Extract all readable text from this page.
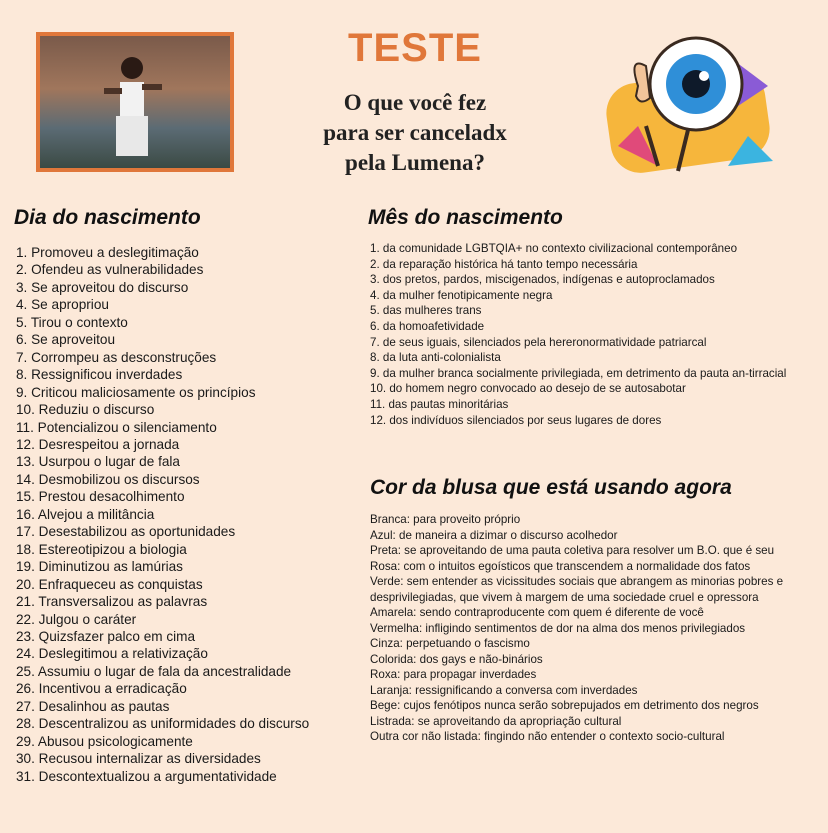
TESTE
O que você fez
para ser canceladx
pela Lumena?
Dia do nascimento
1. Promoveu a deslegitimação
2. Ofendeu as vulnerabilidades
3. Se aproveitou do discurso
4. Se apropriou
5. Tirou o contexto
6. Se aproveitou
7. Corrompeu as desconstruções
8. Ressignificou inverdades
9. Criticou maliciosamente os princípios
10. Reduziu o discurso
11. Potencializou o silenciamento
12. Desrespeitou a jornada
13. Usurpou o lugar de fala
14. Desmobilizou os discursos
15. Prestou desacolhimento
16. Alvejou a militância
17. Desestabilizou as oportunidades
18. Estereotipizou a biologia
19. Diminutizou as lamúrias
20. Enfraqueceu as conquistas
21. Transversalizou as palavras
22. Julgou o caráter
23. Quizsfazer palco em cima
24. Deslegitimou a relativização
25. Assumiu o lugar de fala da ancestralidade
26. Incentivou a erradicação
27. Desalinhou as pautas
28. Descentralizou as uniformidades do discurso
29. Abusou psicologicamente
30. Recusou internalizar as diversidades
31. Descontextualizou a argumentatividade
Mês do nascimento
1. da comunidade LGBTQIA+ no contexto civilizacional contemporâneo
2. da reparação histórica há tanto tempo necessária
3. dos pretos, pardos, miscigenados, indígenas e autoproclamados
4. da mulher fenotipicamente negra
5. das mulheres trans
6. da homoafetividade
7. de seus iguais, silenciados pela hereronormatividade patriarcal
8. da luta anti-colonialista
9. da mulher branca socialmente privilegiada, em detrimento da pauta an-tirracial
10. do homem negro convocado ao desejo de se autosabotar
11. das pautas minoritárias
12. dos indivíduos silenciados por seus lugares de dores
Cor da blusa que está usando agora
Branca: para proveito próprio
Azul: de maneira a dizimar o discurso acolhedor
Preta: se aproveitando de uma pauta coletiva para resolver um B.O. que é seu
Rosa: com o intuitos egoísticos que transcendem a normalidade dos fatos
Verde: sem entender as vicissitudes sociais que abrangem as minorias pobres e desprivilegiadas, que vivem à margem de uma sociedade cruel e opressora
Amarela: sendo contraproducente com quem é diferente de você
Vermelha: infligindo sentimentos de dor na alma dos menos privilegiados
Cinza: perpetuando o fascismo
Colorida: dos gays e não-binários
Roxa: para propagar inverdades
Laranja: ressignificando a conversa com inverdades
Bege: cujos fenótipos nunca serão sobrepujados em detrimento dos negros
Listrada: se aproveitando da apropriação cultural
Outra cor não listada: fingindo não entender o contexto socio-cultural
